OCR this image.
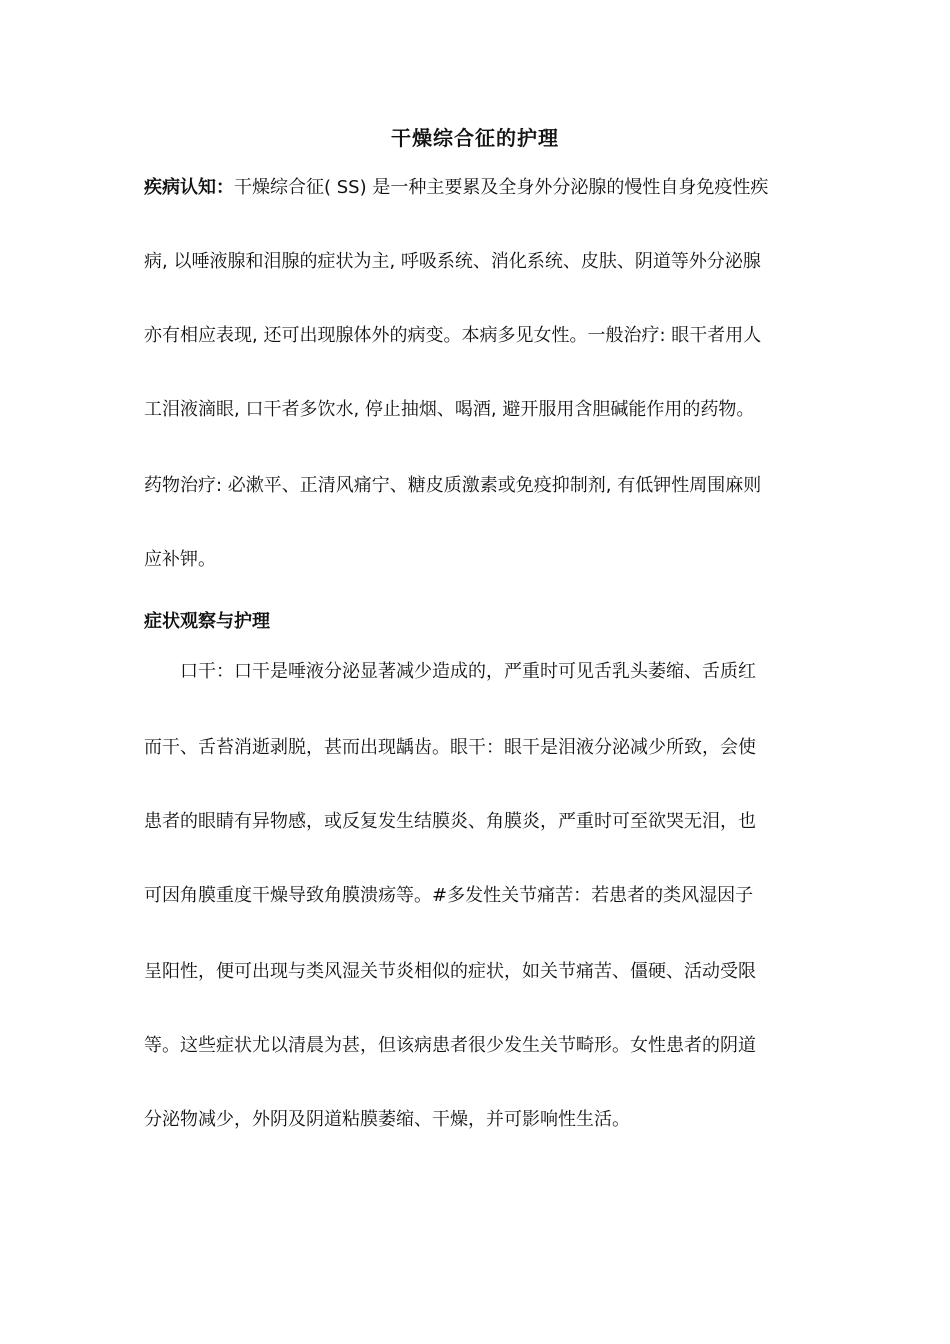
干燥综合征的护理
疾病认知：干燥综合征( SS) 是一种主要累及全身外分泌腺的慢性自身免疫性疾
病, 以唾液腺和泪腺的症状为主, 呼吸系统、消化系统、皮肤、阴道等外分泌腺
亦有相应表现, 还可出现腺体外的病变。本病多见女性。一般治疗: 眼干者用人
工泪液滴眼, 口干者多饮水, 停止抽烟、喝酒, 避开服用含胆碱能作用的药物。
药物治疗: 必漱平、正清风痛宁、糖皮质激素或免疫抑制剂, 有低钾性周围麻则
应补钾。
症状观察与护理
　　口干：口干是唾液分泌显著减少造成的，严重时可见舌乳头萎缩、舌质红
而干、舌苔消逝剥脱，甚而出现龋齿。眼干：眼干是泪液分泌减少所致，会使
患者的眼睛有异物感，或反复发生结膜炎、角膜炎，严重时可至欲哭无泪，也
可因角膜重度干燥导致角膜溃疡等。#多发性关节痛苦：若患者的类风湿因子
呈阳性，便可出现与类风湿关节炎相似的症状，如关节痛苦、僵硬、活动受限
等。这些症状尤以清晨为甚，但该病患者很少发生关节畸形。女性患者的阴道
分泌物减少，外阴及阴道粘膜萎缩、干燥，并可影响性生活。
